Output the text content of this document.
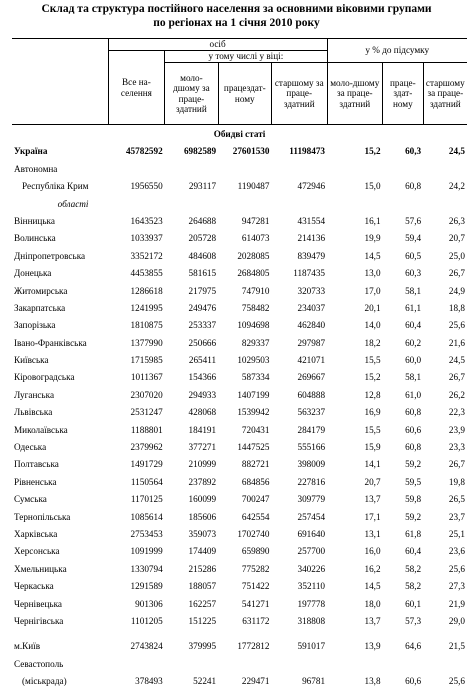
Склад та структура постійного населення за основними віковими групами
по регіонах на 1 січня 2010 року
	осіб				у % до підсумку		
	Все на-селення	у тому числі у віці:					
		моло-дшому за праце-здатний	працездат-ному	старшому за праце-здатний	моло-дшому за праце-здатний	праце-здат-ному	старшому за праце-здатний
Обидві статі							
Україна	45782592	6982589	27601530	11198473	15,2	60,3	24,5
Автономна							
Республіка Крим	1956550	293117	1190487	472946	15,0	60,8	24,2
області							
Вінницька	1643523	264688	947281	431554	16,1	57,6	26,3
Волинська	1033937	205728	614073	214136	19,9	59,4	20,7
Дніпропетровська	3352172	484608	2028085	839479	14,5	60,5	25,0
Донецька	4453855	581615	2684805	1187435	13,0	60,3	26,7
Житомирська	1286618	217975	747910	320733	17,0	58,1	24,9
Закарпатська	1241995	249476	758482	234037	20,1	61,1	18,8
Запорізька	1810875	253337	1094698	462840	14,0	60,4	25,6
Івано-Франківська	1377990	250666	829337	297987	18,2	60,2	21,6
Київська	1715985	265411	1029503	421071	15,5	60,0	24,5
Кіровоградська	1011367	154366	587334	269667	15,2	58,1	26,7
Луганська	2307020	294933	1407199	604888	12,8	61,0	26,2
Львівська	2531247	428068	1539942	563237	16,9	60,8	22,3
Миколаївська	1188801	184191	720431	284179	15,5	60,6	23,9
Одеська	2379962	377271	1447525	555166	15,9	60,8	23,3
Полтавська	1491729	210999	882721	398009	14,1	59,2	26,7
Рівненська	1150564	237892	684856	227816	20,7	59,5	19,8
Сумська	1170125	160099	700247	309779	13,7	59,8	26,5
Тернопільська	1085614	185606	642554	257454	17,1	59,2	23,7
Харківська	2753453	359073	1702740	691640	13,1	61,8	25,1
Херсонська	1091999	174409	659890	257700	16,0	60,4	23,6
Хмельницька	1330794	215286	775282	340226	16,2	58,2	25,6
Черкаська	1291589	188057	751422	352110	14,5	58,2	27,3
Чернівецька	901306	162257	541271	197778	18,0	60,1	21,9
Чернігівська	1101205	151225	631172	318808	13,7	57,3	29,0

м.Київ	2743824	379995	1772812	591017	13,9	64,6	21,5
Севастополь							
(міськрада)	378493	52241	229471	96781	13,8	60,6	25,6
